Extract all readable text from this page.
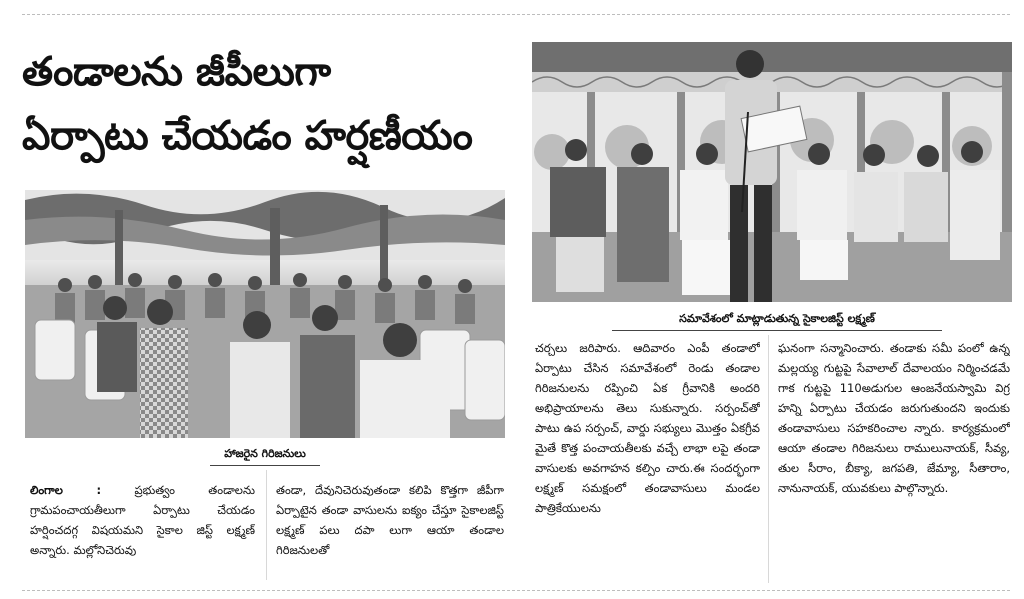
తండాలను జీపీలుగా
ఏర్పాటు చేయడం హర్షణీయం
హాజరైన గిరిజనులు
సమావేశంలో మాట్లాడుతున్న సైకాలజిస్ట్ లక్ష్మణ్

లింగాల :	ప్రభుత్వం తండాలను గ్రామపంచాయతీలుగా ఏర్పాటు చేయడం హర్షించదగ్గ విషయమని సైకాల జిస్ట్ లక్ష్మణ్ అన్నారు. మల్లోనిచెరువు

తండా, దేవునిచెరువుతండా కలిపి కొత్తగా జీపీగా ఏర్పాటైన తండా వాసులను ఐక్యం చేస్తూ సైకాలజిస్ట్ లక్ష్మణ్ పలు దపా లుగా ఆయా తండాల గిరిజనులతో

చర్చలు జరిపారు. ఆదివారం ఎంపీ తండాలో ఏర్పాటు చేసిన సమావేశంలో రెండు తండాల గిరిజనులను రప్పించి ఏక గ్రీవానికి అందరి అభిప్రాయాలను తెలు సుకున్నారు. సర్పంచ్‌తో పాటు ఉప సర్పంచ్, వార్డు సభ్యులు మొత్తం ఏకగ్రీవ మైతే కొత్త పంచాయతీలకు వచ్చే లాభా లపై తండా వాసులకు అవగాహన కల్పిం చారు.ఈ సందర్భంగా లక్ష్మణ్ సమక్షంలో తండావాసులు మండల పాత్రికేయులను

ఘనంగా సన్మానించారు. తండాకు సమీ పంలో ఉన్న మల్లయ్య గుట్టపై సేవాలాల్ దేవాలయం నిర్మించడమే గాక గుట్టపై 110అడుగుల ఆంజనేయస్వామి విగ్ర హన్ని ఏర్పాటు చేయడం జరుగుతుందని ఇందుకు తండావాసులు సహకరించాల న్నారు. కార్యక్రమంలో ఆయా తండాల గిరిజనులు రాములునాయక్, సీవ్య, తుల సీరాం, బీక్యా, జగపతి, జేమ్యా, సీతారాం, నానునాయక్, యువకులు పాల్గొన్నారు.
